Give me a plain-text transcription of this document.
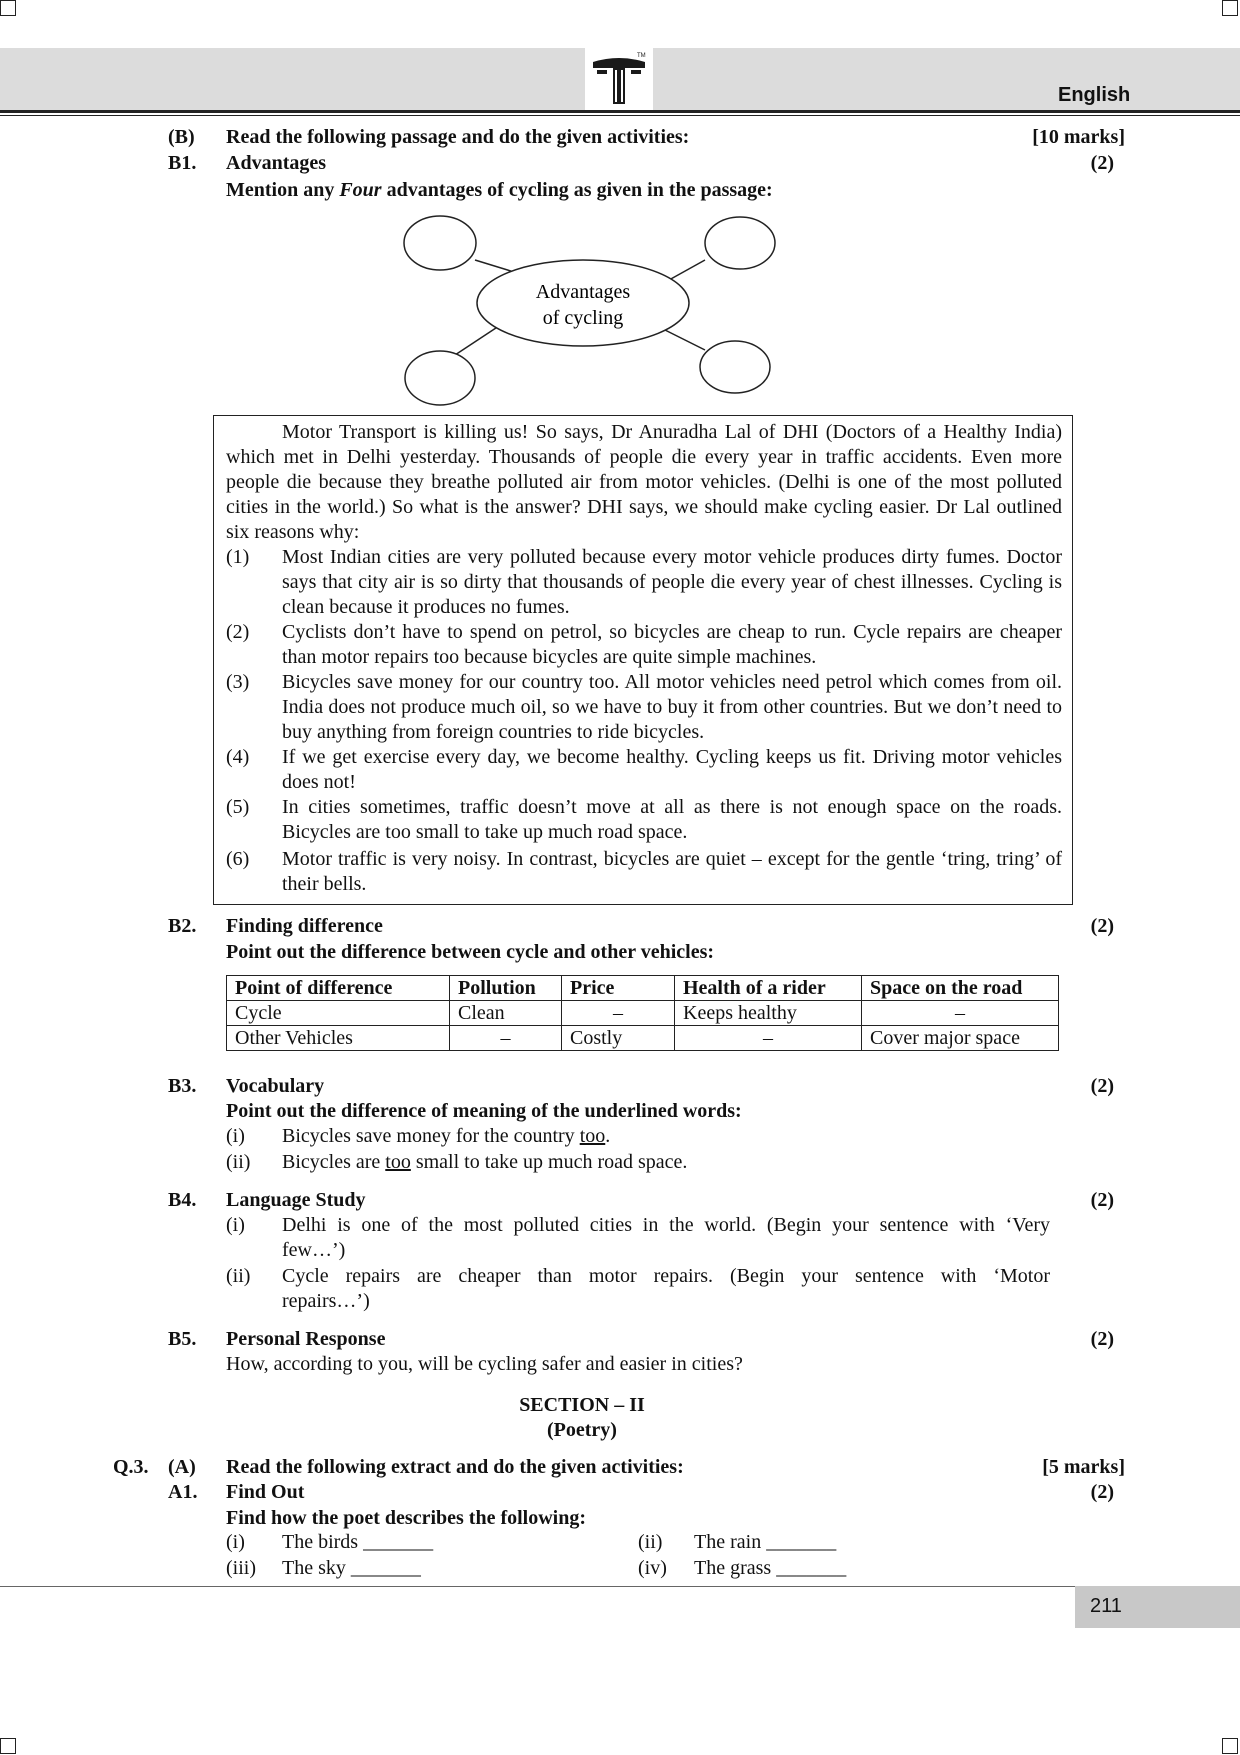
TM
English
(B) Read the following passage and do the given activities:	[10 marks]
B1. Advantages	(2)
Mention any Four advantages of cycling as given in the passage:
Advantages
of cycling
Motor Transport is killing us! So says, Dr Anuradha Lal of DHI (Doctors of a Healthy India) which met in Delhi yesterday. Thousands of people die every year in traffic accidents. Even more people die because they breathe polluted air from motor vehicles. (Delhi is one of the most polluted cities in the world.) So what is the answer? DHI says, we should make cycling easier. Dr Lal outlined six reasons why:
(1) Most Indian cities are very polluted because every motor vehicle produces dirty fumes. Doctor says that city air is so dirty that thousands of people die every year of chest illnesses. Cycling is clean because it produces no fumes.
(2) Cyclists don’t have to spend on petrol, so bicycles are cheap to run. Cycle repairs are cheaper than motor repairs too because bicycles are quite simple machines.
(3) Bicycles save money for our country too. All motor vehicles need petrol which comes from oil. India does not produce much oil, so we have to buy it from other countries. But we don’t need to buy anything from foreign countries to ride bicycles.
(4) If we get exercise every day, we become healthy. Cycling keeps us fit. Driving motor vehicles does not!
(5) In cities sometimes, traffic doesn’t move at all as there is not enough space on the roads. Bicycles are too small to take up much road space.
(6) Motor traffic is very noisy. In contrast, bicycles are quiet – except for the gentle ‘tring, tring’ of their bells.
B2. Finding difference	(2)
Point out the difference between cycle and other vehicles:
Point of difference	Pollution	Price	Health of a rider	Space on the road
Cycle	Clean	–	Keeps healthy	–
Other Vehicles	–	Costly	–	Cover major space
B3. Vocabulary	(2)
Point out the difference of meaning of the underlined words:
(i) Bicycles save money for the country too.
(ii) Bicycles are too small to take up much road space.
B4. Language Study	(2)
(i) Delhi is one of the most polluted cities in the world. (Begin your sentence with ‘Very
few…’)
(ii) Cycle repairs are cheaper than motor repairs. (Begin your sentence with ‘Motor
repairs…’)
B5. Personal Response	(2)
How, according to you, will be cycling safer and easier in cities?
SECTION – II
(Poetry)
Q.3. (A) Read the following extract and do the given activities:	[5 marks]
A1. Find Out	(2)
Find how the poet describes the following:
(i) The birds _______	(ii) The rain _______
(iii) The sky _______	(iv) The grass _______
211
